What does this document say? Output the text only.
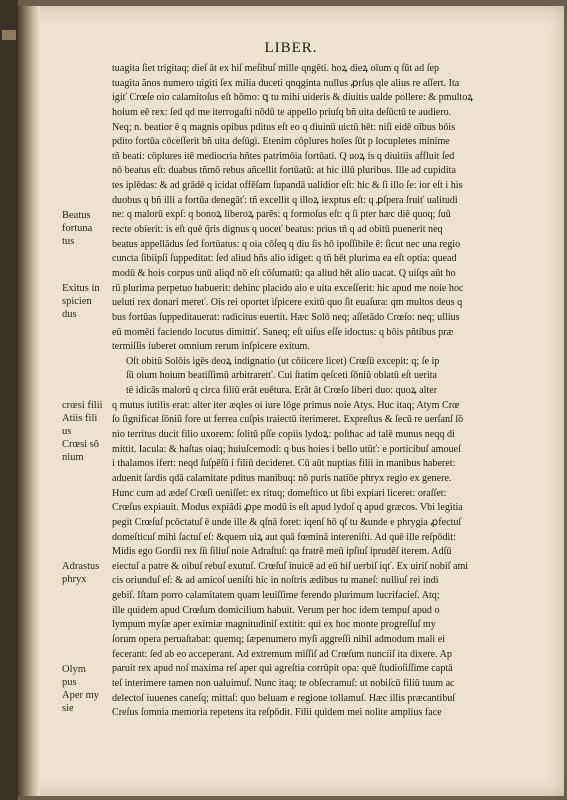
LIBER.
Beatus
fortuna
tus
Exitus in
spicien
dus
crœsi filii
Atiis fili
us
Crœsi sõ
nium
Adrastus
phryx
Olym
pus
Aper my
sie
tuagita ſiet trigitaq; dieſ āt ex hiſ meſibuſ mille ɋngēti. hoꝝ dieꝝ oīum q ſūt ad ſep
tuagita ãnos numero uigiti ſex milia duceti qnqginta nullus ꝓrſus qle alius re aſſert. Ita
igiť Crœſe oio calamitoſus eſt hōmo: ꝗ tu mihi uideris & diuitis ualde pollere: & pmultoꝝ
hoium eē rex: ſed qd me iterrogaſti nōdū te appello priuſq bñ uita deſūctū te audiero.
Neq; n. beatior ē q magnis opibus pditus eſt eo q diuinū uictū hēt: niſi eidē oībus bōis
pdito fortūa cōceſſerit bñ uita deſūgi. Etenim cōplures hoīes ſūt p locupletes minime
tñ beati: cōplures itē mediocria hñtes patrimōia fortūati. Q uoꝝ is q diuitiis affluit ſed
nō beatus eſt: duabus tñmō rebus añcellit fortūatū: at hic illū pluribus. Ille ad cupidita
tes iplēdas: & ad grādē q icidat offēſam ſupandā ualidior eſt: hic & ſi illo ſe: ior eſt i his
duobus q bñ illi a fortūa denegāť: tñ excellit q illoꝝ iexptus eſt: q ꝓſpera ſruiť ualitudi
ne: q malorū expſ: q bonoꝝ liberoꝝ parēs: q formoſus eſt: q ſi pter hæc diē quoq; ſuū
recte obierit: is eſt quē q̃ris dignus q uoceť beatus: prius tñ q ad obitū puenerit neq
beatus appellādus ſed fortūatus: q oia cōſeq q diu ſis hō ipoſſibile ē: ſicut nec una regio
cuncta ſibiipſi ſuppeditat: ſed aliud hñs alio idiget: q tñ hēt plurima ea eſt optia: quead
modū & hois corpus unū aliqđ nō eſt cōſumatū: qa aliud hēt alio uacat. Q uiſqs aūt ho
rū plurima perpetuo habuerit: dehinc placido aio e uita exceſſerit: hic apud me noie hoc
ueluti rex donari mereť. Ois rei oportet iſpicere exitū quo ſit euaſura: qm multos deus q
bus fortūas ſuppeditauerat: radicitus euertit. Hæc Solō neq; aſſetādo Crœſo: neq; ullius
eū momēti faciendo locutus dimittiť. Saneq; eſt uiſus eſſe idoctus: q bōis pñtibus præ
termiſſis iuberet omnium rerum inſpicere exitum.
Oſt obitū Solōis igēs deoꝝ indignatio (ut cōiicere licet) Crœſū excepit: q; ſe ip
ſū oium hoium beatiſſimū arbitraretť. Cui ſtatim qeſceti ſōniū oblatū eſt uerita
tē idicās malorū q circa filiū erāt euētura. Erāt āt Crœſo liberi duo: quoꝝ alter
q mutus iutilis erat: alter iter æqles oi iure lōge primus noie Atys. Huc itaq; Atym Crœ
ſo ſignificat ſōniū fore ut ferrea cuſpis traiectū iterimeret. Expreſtus & ſecū re uerſanſ ſō
nio territus ducit filio uxorem: ſolitū pſſe copiis lydoꝝ: poſthac ad talē munus neqq di
mittit. Iacula: & haſtas oiaq; huiuſcemodi: q bus hoies i bello utūť: e porticibuſ amoueſ
i thalamos ifert: neqd ſuſpēſū i filiū decideret. Cū aūt nuptias filii in manibus haberet:
aduenit ſardis qdā calamitate pditus manibuq: nō puris natiōe phryx regio ex genere.
Hunc cum ad ædeſ Crœſi ueniſſet: ex rituq; domeſtico ut ſibi expiari liceret: oraſſet:
Crœſus expiauit. Modus expiādi ꝓpe modū is eſt apud lydoſ q apud græcos. Vbi legitia
pegit Crœſuſ pcōctatuſ ē unde ille & qſnā foret: iqenſ hō qſ tu &unde e phrygia ꝓfectuſ
domeſticuſ mihi ſactuſ eſ: &quem uiꝝ aut quā fœminā intereniſti. Ad quē ille reſpōdit:
Midis ego Gordii rex ſū ſiliuſ noie Adraſtuſ: qa fratrē meū ipſiuſ iprudēſ iterem. Adſū
eiectuſ a patre & oibuſ rebuſ exutuſ. Crœſuſ inuicē ad eū hiſ uerbiſ iqť. Ex uiriſ nobiſ ami
cis oriunduſ eſ: & ad amicoſ ueniſti hic in noſtris ædibus tu maneſ: nulliuſ rei indi
gebiſ. Iſtam porro calamitatem quam leuiſſime ferendo plurimum lucrifacieſ. Atq;
ille quidem apud Crœſum domicilium habuit. Verum per hoc idem tempuſ apud o
lympum myſæ aper eximiæ magnitudiniſ extitit: qui ex hoc monte progreſſuſ my
ſorum opera peruaſtabat: quemq; ſæpenumero myſi aggreſſi nihil admodum mali ei
fecerant: ſed ab eo acceperant. Ad extremum miſſiſ ad Crœſum nunciiſ ita dixere. Ap
paruit rex apud noſ maxima reſ aper qui agreſtia corrūpit opa: quē ſtudioſiſſime captā
teſ interimere tamen non ualuimuſ. Nunc itaq; te obſecramuſ: ut nobiſcū filiū tuum ac
delectoſ iuuenes caneſq; mittaſ: quo beluam e regione tollamuſ. Hæc illis præcantibuſ
Creſus ſomnia memoria repetens ita reſpōdit. Filii quidem mei nolite amplius face
